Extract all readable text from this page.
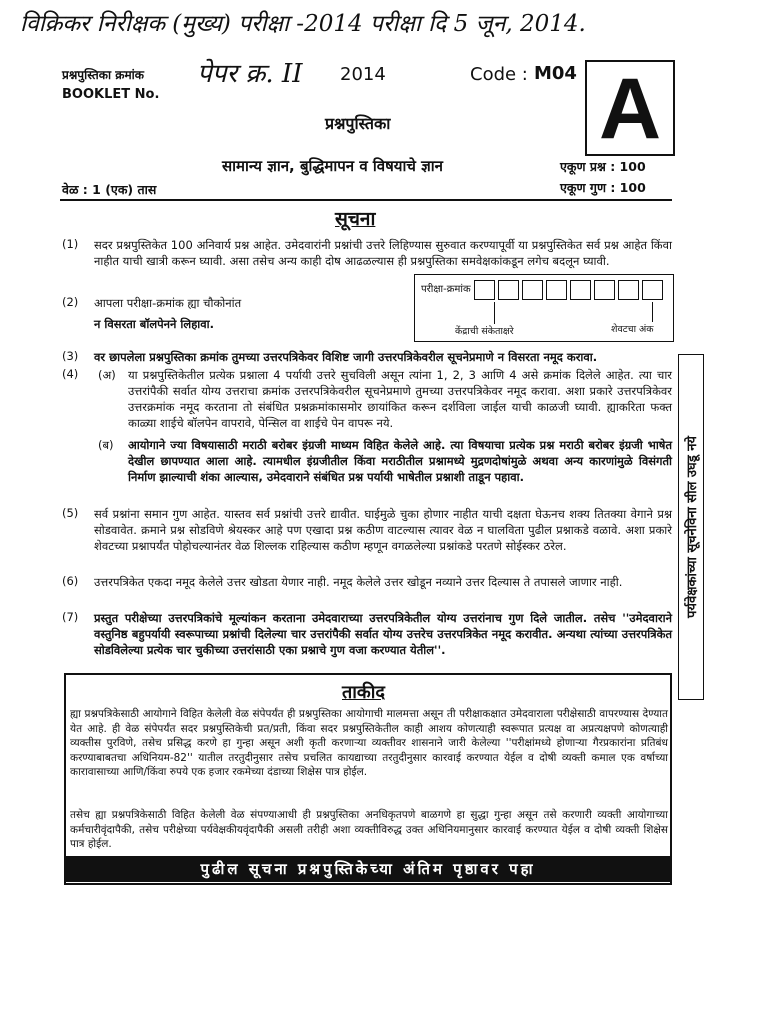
विक्रिकर निरीक्षक (मुख्य) परीक्षा -2014 परीक्षा दि 5 जून, 2014.
प्रश्नपुस्तिका क्रमांक
BOOKLET No.
पेपर क्र. II 2014	Code : M04 A
प्रश्नपुस्तिका
सामान्य ज्ञान, बुद्धिमापन व विषयाचे ज्ञान	एकूण प्रश्न : 100
एकूण गुण : 100
वेळ : 1 (एक) तास
सूचना
(1) सदर प्रश्नपुस्तिकेत 100 अनिवार्य प्रश्न आहेत. उमेदवारांनी प्रश्नांची उत्तरे लिहिण्यास सुरुवात करण्यापूर्वी या प्रश्नपुस्तिकेत सर्व प्रश्न आहेत किंवा नाहीत याची खात्री करून घ्यावी. असा तसेच अन्य काही दोष आढळल्यास ही प्रश्नपुस्तिका समवेक्षकांकडून लगेच बदलून घ्यावी.
(2) आपला परीक्षा-क्रमांक ह्या चौकोनांत
न विसरता बॉलपेनने लिहावा.
परीक्षा-क्रमांक
केंद्राची संकेताक्षरे	शेवटचा अंक
(3) वर छापलेला प्रश्नपुस्तिका क्रमांक तुमच्या उत्तरपत्रिकेवर विशिष्ट जागी उत्तरपत्रिकेवरील सूचनेप्रमाणे न विसरता नमूद करावा.
(4) (अ) या प्रश्नपुस्तिकेतील प्रत्येक प्रश्नाला 4 पर्यायी उत्तरे सुचविली असून त्यांना 1, 2, 3 आणि 4 असे क्रमांक दिलेले आहेत. त्या चार उत्तरांपैकी सर्वात योग्य उत्तराचा क्रमांक उत्तरपत्रिकेवरील सूचनेप्रमाणे तुमच्या उत्तरपत्रिकेवर नमूद करावा. अशा प्रकारे उत्तरपत्रिकेवर उत्तरक्रमांक नमूद करताना तो संबंधित प्रश्नक्रमांकासमोर छायांकित करून दर्शविला जाईल याची काळजी घ्यावी. ह्याकरिता फक्त काळ्या शाईचे बॉलपेन वापरावे, पेन्सिल वा शाईचे पेन वापरू नये.
(ब) आयोगाने ज्या विषयासाठी मराठी बरोबर इंग्रजी माध्यम विहित केलेले आहे. त्या विषयाचा प्रत्येक प्रश्न मराठी बरोबर इंग्रजी भाषेत देखील छापण्यात आला आहे. त्यामधील इंग्रजीतील किंवा मराठीतील प्रश्नामध्ये मुद्रणदोषांमुळे अथवा अन्य कारणांमुळे विसंगती निर्माण झाल्याची शंका आल्यास, उमेदवाराने संबंधित प्रश्न पर्यायी भाषेतील प्रश्नाशी ताडून पहावा.
(5) सर्व प्रश्नांना समान गुण आहेत. यास्तव सर्व प्रश्नांची उत्तरे द्यावीत. घाईमुळे चुका होणार नाहीत याची दक्षता घेऊनच शक्य तितक्या वेगाने प्रश्न सोडवावेत. क्रमाने प्रश्न सोडविणे श्रेयस्कर आहे पण एखादा प्रश्न कठीण वाटल्यास त्यावर वेळ न घालविता पुढील प्रश्नाकडे वळावे. अशा प्रकारे शेवटच्या प्रश्नापर्यंत पोहोचल्यानंतर वेळ शिल्लक राहिल्यास कठीण म्हणून वगळलेल्या प्रश्नांकडे परतणे सोईस्कर ठरेल.
(6) उत्तरपत्रिकेत एकदा नमूद केलेले उत्तर खोडता येणार नाही. नमूद केलेले उत्तर खोडून नव्याने उत्तर दिल्यास ते तपासले जाणार नाही.
(7) प्रस्तुत परीक्षेच्या उत्तरपत्रिकांचे मूल्यांकन करताना उमेदवाराच्या उत्तरपत्रिकेतील योग्य उत्तरांनाच गुण दिले जातील. तसेच ''उमेदवाराने वस्तुनिष्ठ बहुपर्यायी स्वरूपाच्या प्रश्नांची दिलेल्या चार उत्तरांपैकी सर्वात योग्य उत्तरेच उत्तरपत्रिकेत नमूद करावीत. अन्यथा त्यांच्या उत्तरपत्रिकेत सोडविलेल्या प्रत्येक चार चुकीच्या उत्तरांसाठी एका प्रश्नाचे गुण वजा करण्यात येतील''.
ताकीद
ह्या प्रश्नपत्रिकेसाठी आयोगाने विहित केलेली वेळ संपेपर्यंत ही प्रश्नपुस्तिका आयोगाची मालमत्ता असून ती परीक्षाकक्षात उमेदवाराला परीक्षेसाठी वापरण्यास देण्यात येत आहे. ही वेळ संपेपर्यंत सदर प्रश्नपुस्तिकेची प्रत/प्रती, किंवा सदर प्रश्नपुस्तिकेतील काही आशय कोणत्याही स्वरूपात प्रत्यक्ष वा अप्रत्यक्षपणे कोणत्याही व्यक्तीस पुरविणे, तसेच प्रसिद्ध करणे हा गुन्हा असून अशी कृती करणाऱ्या व्यक्तीवर शासनाने जारी केलेल्या ''परीक्षांमध्ये होणाऱ्या गैरप्रकारांना प्रतिबंध करण्याबाबतचा अधिनियम-82'' यातील तरतुदीनुसार तसेच प्रचलित कायद्याच्या तरतुदीनुसार कारवाई करण्यात येईल व दोषी व्यक्ती कमाल एक वर्षाच्या कारावासाच्या आणि/किंवा रुपये एक हजार रकमेच्या दंडाच्या शिक्षेस पात्र होईल.
तसेच ह्या प्रश्नपत्रिकेसाठी विहित केलेली वेळ संपण्याआधी ही प्रश्नपुस्तिका अनधिकृतपणे बाळगणे हा सुद्धा गुन्हा असून तसे करणारी व्यक्ती आयोगाच्या कर्मचारीवृंदापैकी, तसेच परीक्षेच्या पर्यवेक्षकीयवृंदापैकी असली तरीही अशा व्यक्तीविरुद्ध उक्त अधिनियमानुसार कारवाई करण्यात येईल व दोषी व्यक्ती शिक्षेस पात्र होईल.
पुढील सूचना प्रश्नपुस्तिकेच्या अंतिम पृष्ठावर पहा
पर्यवेक्षकांच्या सूचनेविना सील उघडू नये
